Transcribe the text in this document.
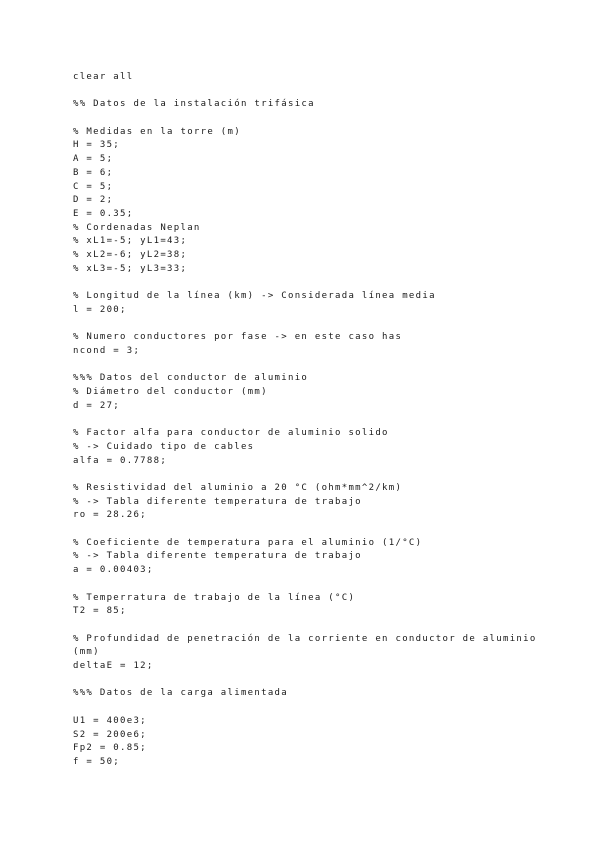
clear all
%% Datos de la instalación trifásica
% Medidas en la torre (m)
H = 35;
A = 5;
B = 6;
C = 5;
D = 2;
E = 0.35;
% Cordenadas Neplan
% xL1=-5; yL1=43;
% xL2=-6; yL2=38;
% xL3=-5; yL3=33;
% Longitud de la línea (km) -> Considerada línea media
l = 200;
% Numero conductores por fase -> en este caso has
ncond = 3;
%%% Datos del conductor de aluminio
% Diámetro del conductor (mm)
d = 27;
% Factor alfa para conductor de aluminio solido
% -> Cuidado tipo de cables
alfa = 0.7788;
% Resistividad del aluminio a 20 °C (ohm*mm^2/km)
% -> Tabla diferente temperatura de trabajo
ro = 28.26;
% Coeficiente de temperatura para el aluminio (1/°C)
% -> Tabla diferente temperatura de trabajo
a = 0.00403;
% Temperratura de trabajo de la línea (°C)
T2 = 85;
% Profundidad de penetración de la corriente en conductor de aluminio
(mm)
deltaE = 12;
%%% Datos de la carga alimentada
U1 = 400e3;
S2 = 200e6;
Fp2 = 0.85;
f = 50;
